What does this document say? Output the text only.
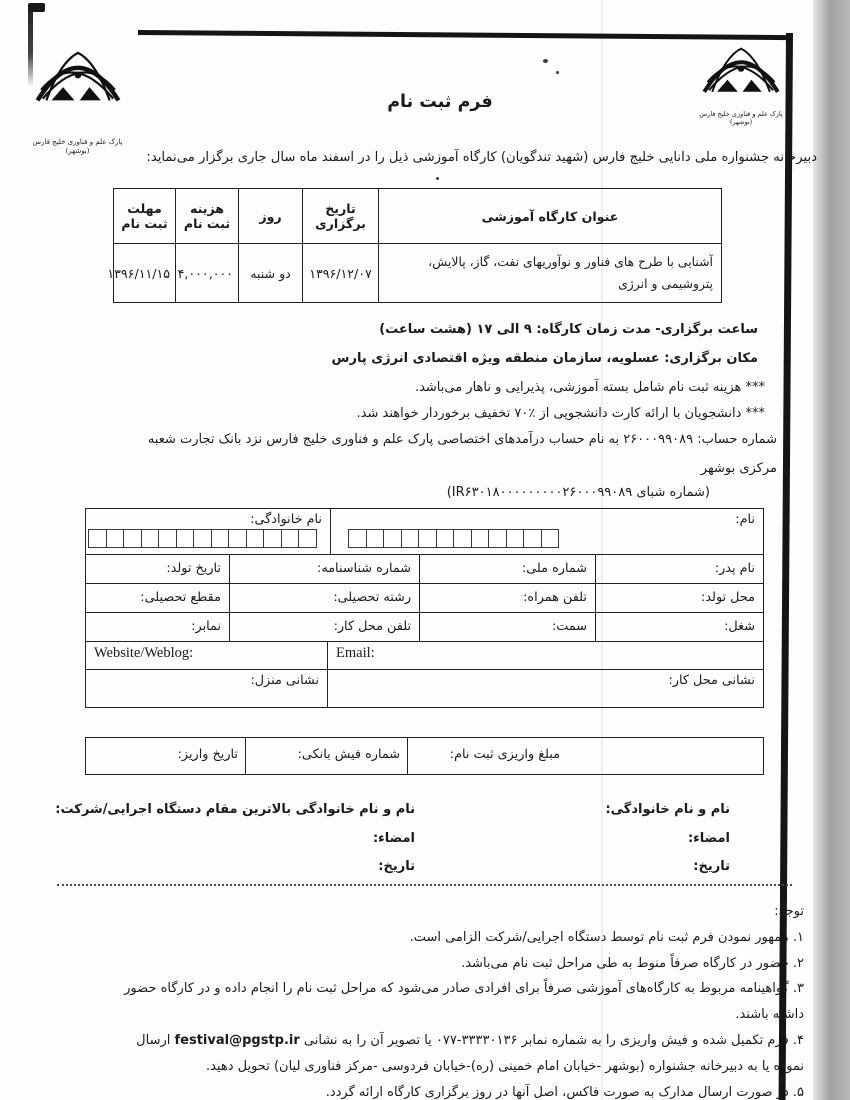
پارک علم و فناوری خلیج فارس
(بوشهر)
پارک علم و فناوری خلیج فارس
(بوشهر)
فرم ثبت نام
دبیرخانه جشنواره ملی دانایی خلیج فارس (شهید تندگویان) کارگاه آموزشی ذیل را در اسفند ماه سال جاری برگزار می‌نماید:
عنوان کارگاه آموزشی	تاریخ برگزاری	روز	هزینه ثبت نام	مهلت ثبت نام
آشنایی با طرح های فناور و نوآوریهای نفت، گاز، پالایش، پتروشیمی و انرژی	۱۳۹۶/۱۲/۰۷	دو شنبه	۴,۰۰۰,۰۰۰	۱۳۹۶/۱۱/۱۵
ساعت برگزاری- مدت زمان کارگاه: ۹ الی ۱۷ (هشت ساعت)
مکان برگزاری: عسلویه، سازمان منطقه ویژه اقتصادی انرژی پارس
*** هزینه ثبت نام شامل بسته آموزشی، پذیرایی و ناهار می‌باشد.
*** دانشجویان با ارائه کارت دانشجویی از ٪۷۰ تخفیف برخوردار خواهند شد.
شماره حساب: ۲۶۰۰۰۹۹۰۸۹ به نام حساب درآمدهای اختصاصی پارک علم و فناوری خلیج فارس نزد بانک تجارت شعبه
مرکزی بوشهر
(شماره شبای IR۶۳۰۱۸۰۰۰۰۰۰۰۰۰۲۶۰۰۰۹۹۰۸۹)
نام:
نام خانوادگی:
نام پدر:
شماره ملی:
شماره شناسنامه:
تاریخ تولد:
محل تولد:
تلفن همراه:
رشته تحصیلی:
مقطع تحصیلی:
شغل:
سمت:
تلفن محل کار:
نمابر:
Email:
Website/Weblog:
نشانی محل کار:
نشانی منزل:
مبلغ واریزی ثبت نام:
شماره فیش بانکی:
تاریخ واریز:
نام و نام خانوادگی:
امضاء:
تاریخ:
نام و نام خانوادگی بالاترین مقام دستگاه اجرایی/شرکت:
امضاء:
تاریخ:
توجه:
۱. ممهور نمودن فرم ثبت نام توسط دستگاه اجرایی/شرکت الزامی است.
۲. حضور در کارگاه صرفاً منوط به طی مراحل ثبت نام می‌باشد.
۳. گواهینامه مربوط به کارگاه‌های آموزشی صرفاً برای افرادی صادر می‌شود که مراحل ثبت نام را انجام داده و در کارگاه حضور
داشته باشند.
۴. فرم تکمیل شده و فیش واریزی را به شماره نمابر ۰۷۷-۳۳۳۳۰۱۳۶ یا تصویر آن را به نشانی festival@pgstp.ir ارسال
نموده یا به دبیرخانه جشنواره (بوشهر -خیابان امام خمینی (ره)-خیابان فردوسی -مرکز فناوری لیان) تحویل دهید.
۵. در صورت ارسال مدارک به صورت فاکس، اصل آنها در روز برگزاری کارگاه ارائه گردد.
